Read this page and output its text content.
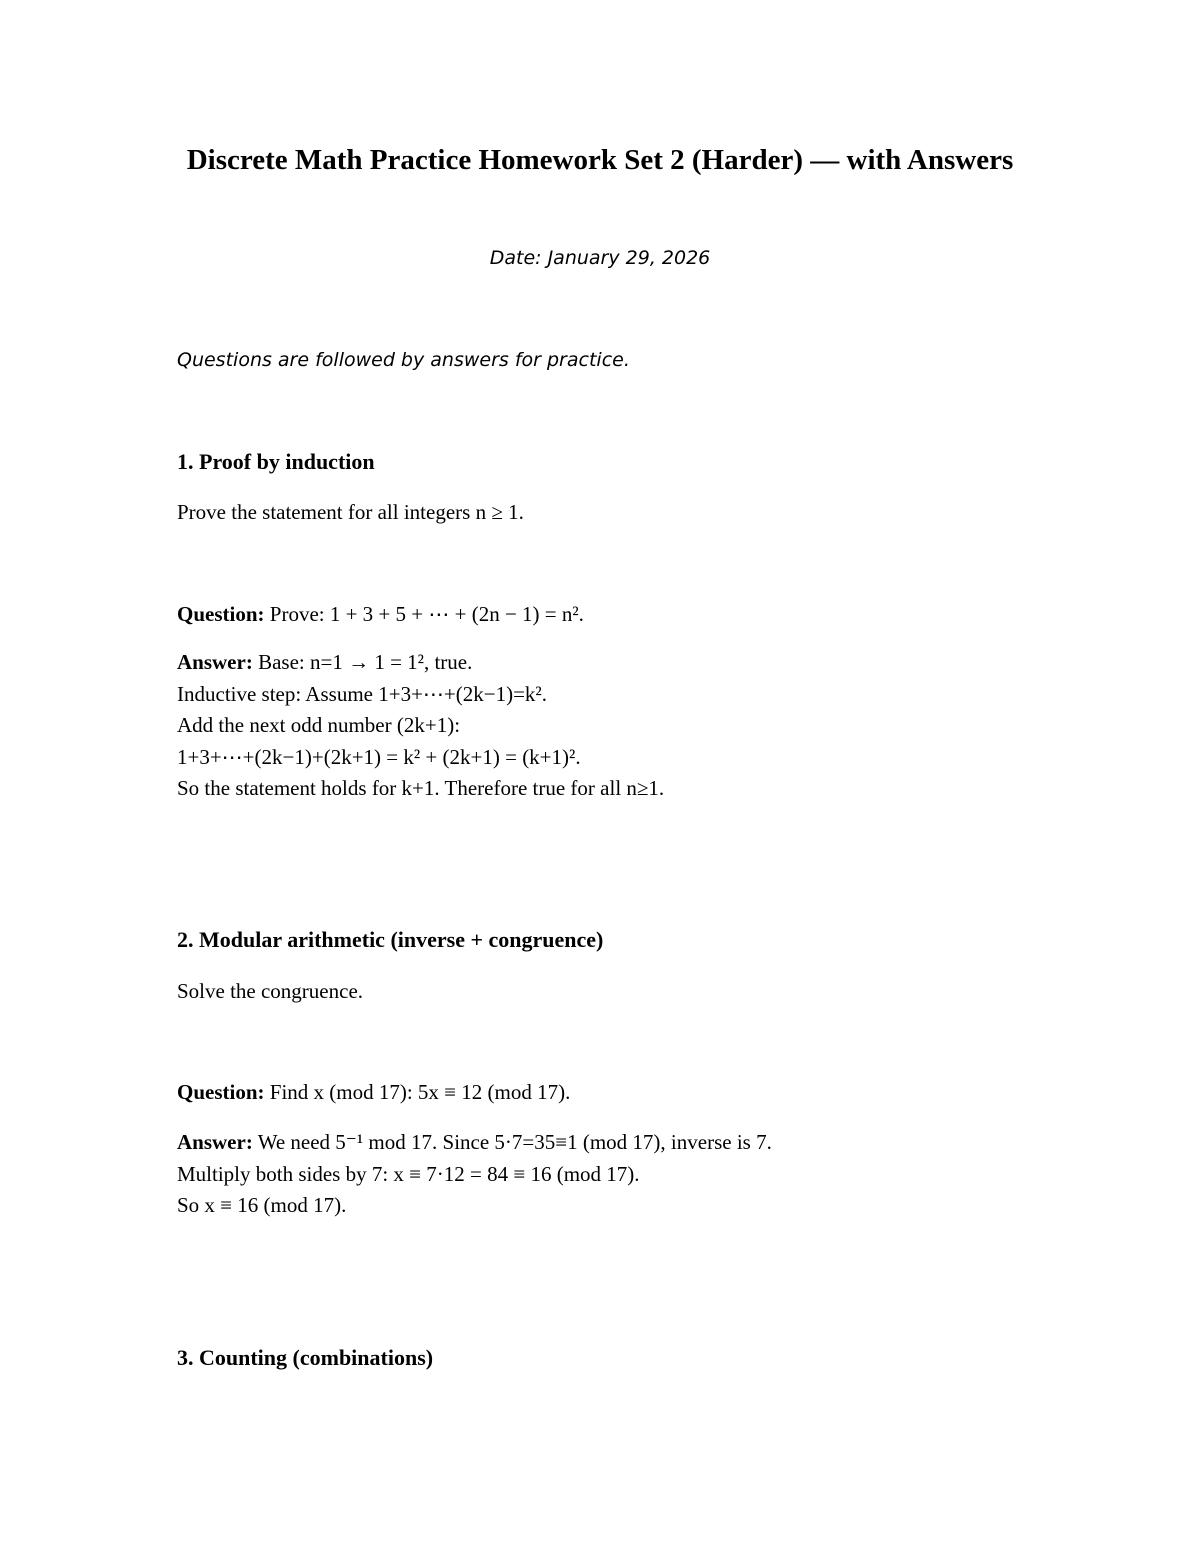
Discrete Math Practice Homework Set 2 (Harder) — with Answers

Date: January 29, 2026

Questions are followed by answers for practice.

1. Proof by induction

Prove the statement for all integers n ≥ 1.

Question: Prove: 1 + 3 + 5 + ⋯ + (2n − 1) = n².

Answer: Base: n=1 → 1 = 1², true.
Inductive step: Assume 1+3+⋯+(2k−1)=k².
Add the next odd number (2k+1):
1+3+⋯+(2k−1)+(2k+1) = k² + (2k+1) = (k+1)².
So the statement holds for k+1. Therefore true for all n≥1.
2. Modular arithmetic (inverse + congruence)

Solve the congruence.

Question: Find x (mod 17): 5x ≡ 12 (mod 17).

Answer: We need 5⁻¹ mod 17. Since 5·7=35≡1 (mod 17), inverse is 7.
Multiply both sides by 7: x ≡ 7·12 = 84 ≡ 16 (mod 17).
So x ≡ 16 (mod 17).
3. Counting (combinations)
